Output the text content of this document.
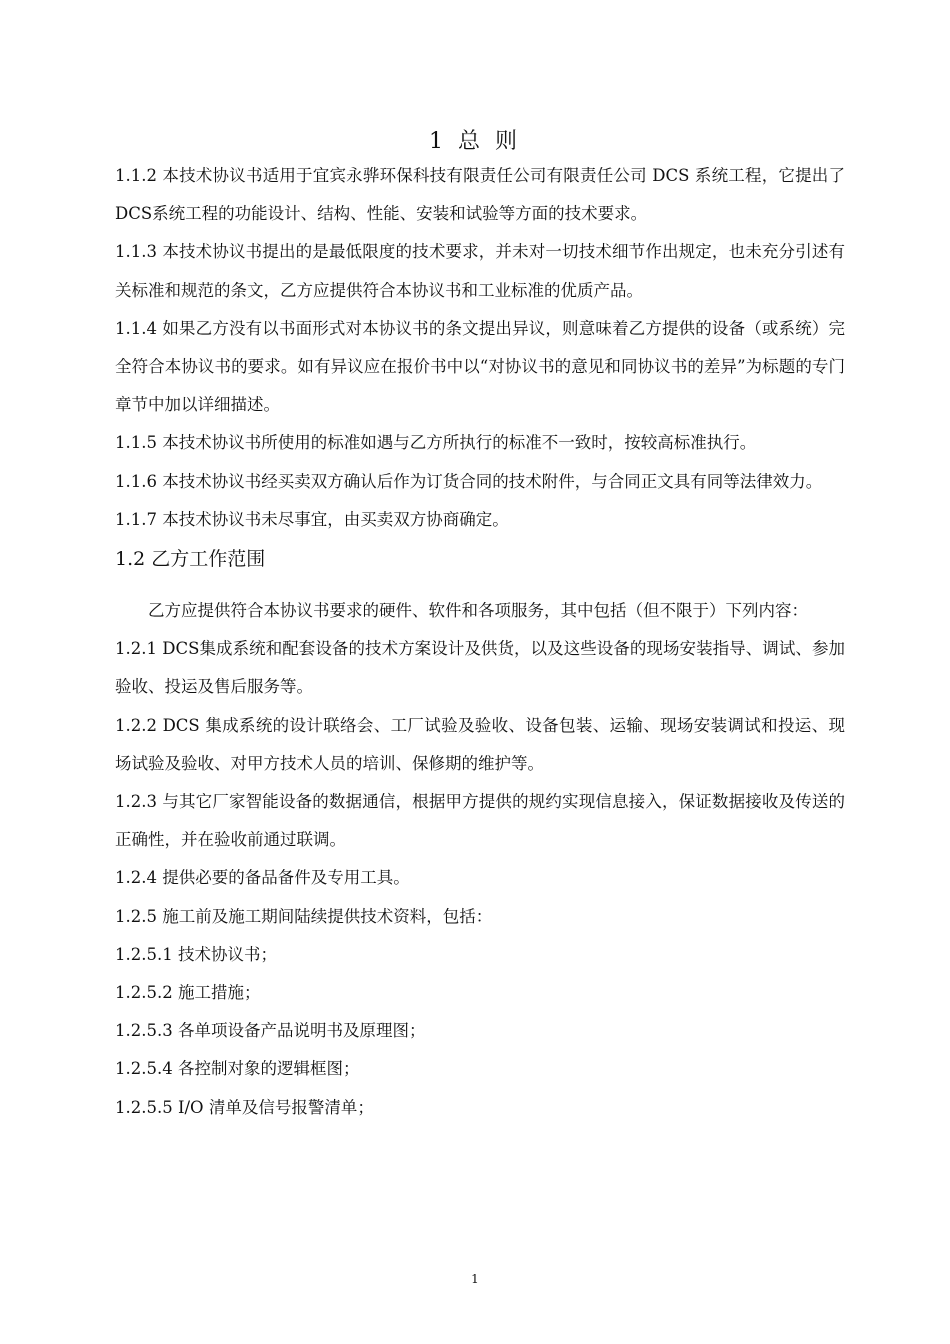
1 总 则

1.1.2 本技术协议书适用于宜宾永骅环保科技有限责任公司有限责任公司 DCS 系统工程，它提出了DCS系统工程的功能设计、结构、性能、安装和试验等方面的技术要求。

1.1.3 本技术协议书提出的是最低限度的技术要求，并未对一切技术细节作出规定，也未充分引述有关标准和规范的条文，乙方应提供符合本协议书和工业标准的优质产品。

1.1.4 如果乙方没有以书面形式对本协议书的条文提出异议，则意味着乙方提供的设备（或系统）完全符合本协议书的要求。如有异议应在报价书中以“对协议书的意见和同协议书的差异”为标题的专门章节中加以详细描述。

1.1.5 本技术协议书所使用的标准如遇与乙方所执行的标准不一致时，按较高标准执行。

1.1.6 本技术协议书经买卖双方确认后作为订货合同的技术附件，与合同正文具有同等法律效力。

1.1.7 本技术协议书未尽事宜，由买卖双方协商确定。

1.2 乙方工作范围

乙方应提供符合本协议书要求的硬件、软件和各项服务，其中包括（但不限于）下列内容：

1.2.1 DCS集成系统和配套设备的技术方案设计及供货，以及这些设备的现场安装指导、调试、参加验收、投运及售后服务等。

1.2.2 DCS 集成系统的设计联络会、工厂试验及验收、设备包装、运输、现场安装调试和投运、现场试验及验收、对甲方技术人员的培训、保修期的维护等。

1.2.3 与其它厂家智能设备的数据通信，根据甲方提供的规约实现信息接入，保证数据接收及传送的正确性，并在验收前通过联调。

1.2.4 提供必要的备品备件及专用工具。

1.2.5 施工前及施工期间陆续提供技术资料，包括：

1.2.5.1 技术协议书；

1.2.5.2 施工措施；

1.2.5.3 各单项设备产品说明书及原理图；

1.2.5.4 各控制对象的逻辑框图；

1.2.5.5 I/O 清单及信号报警清单；

1
